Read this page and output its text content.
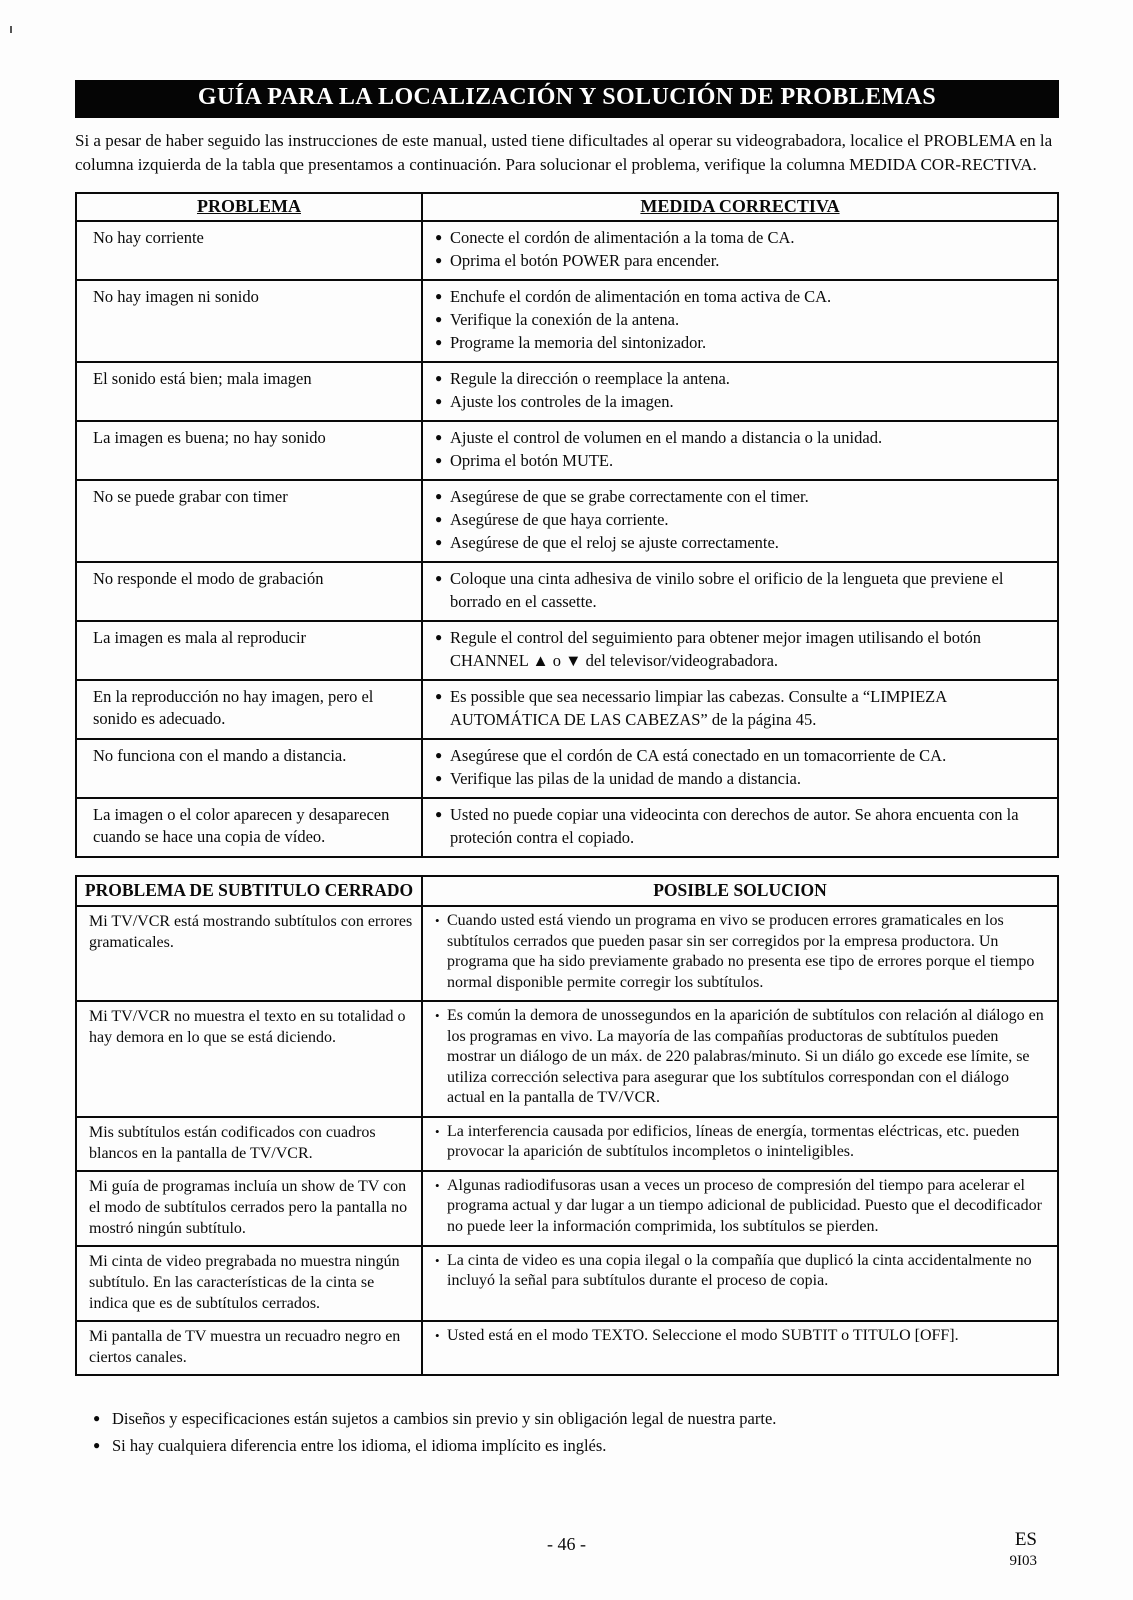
GUÍA PARA LA LOCALIZACIÓN Y SOLUCIÓN DE PROBLEMAS
Si a pesar de haber seguido las instrucciones de este manual, usted tiene dificultades al operar su videograbadora, localice el PROBLEMA en la columna izquierda de la tabla que presentamos a continuación. Para solucionar el problema, verifique la columna MEDIDA COR-RECTIVA.
PROBLEMA	MEDIDA CORRECTIVA
No hay corriente	● Conecte el cordón de alimentación a la toma de CA.
● Oprima el botón POWER para encender.

No hay imagen ni sonido	● Enchufe el cordón de alimentación en toma activa de CA.
● Verifique la conexión de la antena.
● Programe la memoria del sintonizador.

El sonido está bien; mala imagen	● Regule la dirección o reemplace la antena.
● Ajuste los controles de la imagen.

La imagen es buena; no hay sonido	● Ajuste el control de volumen en el mando a distancia o la unidad.
● Oprima el botón MUTE.

No se puede grabar con timer	● Asegúrese de que se grabe correctamente con el timer.
● Asegúrese de que haya corriente.
● Asegúrese de que el reloj se ajuste correctamente.

No responde el modo de grabación	● Coloque una cinta adhesiva de vinilo sobre el orificio de la lengueta que previene el borrado en el cassette.

La imagen es mala al reproducir	● Regule el control del seguimiento para obtener mejor imagen utilisando el botón CHANNEL ▲ o ▼ del televisor/videograbadora.

En la reproducción no hay imagen, pero el sonido es adecuado.	● Es possible que sea necessario limpiar las cabezas. Consulte a “LIMPIEZA AUTOMÁTICA DE LAS CABEZAS” de la página 45.

No funciona con el mando a distancia.	● Asegúrese que el cordón de CA está conectado en un tomacorriente de CA.
● Verifique las pilas de la unidad de mando a distancia.

La imagen o el color aparecen y desaparecen cuando se hace una copia de vídeo.	● Usted no puede copiar una videocinta con derechos de autor. Se ahora encuenta con la proteción contra el copiado.
PROBLEMA DE SUBTITULO CERRADO	POSIBLE SOLUCION
Mi TV/VCR está mostrando subtítulos con errores gramaticales.	• Cuando usted está viendo un programa en vivo se producen errores gramaticales en los subtítulos cerrados que pueden pasar sin ser corregidos por la empresa productora. Un programa que ha sido previamente grabado no presenta ese tipo de errores porque el tiempo normal disponible permite corregir los subtítulos.

Mi TV/VCR no muestra el texto en su totalidad o hay demora en lo que se está diciendo.	• Es común la demora de unossegundos en la aparición de subtítulos con relación al diálogo en los programas en vivo. La mayoría de las compañías productoras de subtítulos pueden mostrar un diálogo de un máx. de 220 palabras/minuto. Si un diálo go excede ese límite, se utiliza corrección selectiva para asegurar que los subtítulos correspondan con el diálogo actual en la pantalla de TV/VCR.

Mis subtítulos están codificados con cuadros blancos en la pantalla de TV/VCR.	• La interferencia causada por edificios, líneas de energía, tormentas eléctricas, etc. pueden provocar la aparición de subtítulos incompletos o ininteligibles.

Mi guía de programas incluía un show de TV con el modo de subtítulos cerrados pero la pantalla no mostró ningún subtítulo.	• Algunas radiodifusoras usan a veces un proceso de compresión del tiempo para acelerar el programa actual y dar lugar a un tiempo adicional de publicidad. Puesto que el decodificador no puede leer la información comprimida, los subtítulos se pierden.

Mi cinta de video pregrabada no muestra ningún subtítulo. En las características de la cinta se indica que es de subtítulos cerrados.	• La cinta de video es una copia ilegal o la compañía que duplicó la cinta accidentalmente no incluyó la señal para subtítulos durante el proceso de copia.

Mi pantalla de TV muestra un recuadro negro en ciertos canales.	• Usted está en el modo TEXTO. Seleccione el modo SUBTIT o TITULO [OFF].
● Diseños y especificaciones están sujetos a cambios sin previo y sin obligación legal de nuestra parte.
● Si hay cualquiera diferencia entre los idioma, el idioma implícito es inglés.
- 46 -	ES
9I03
